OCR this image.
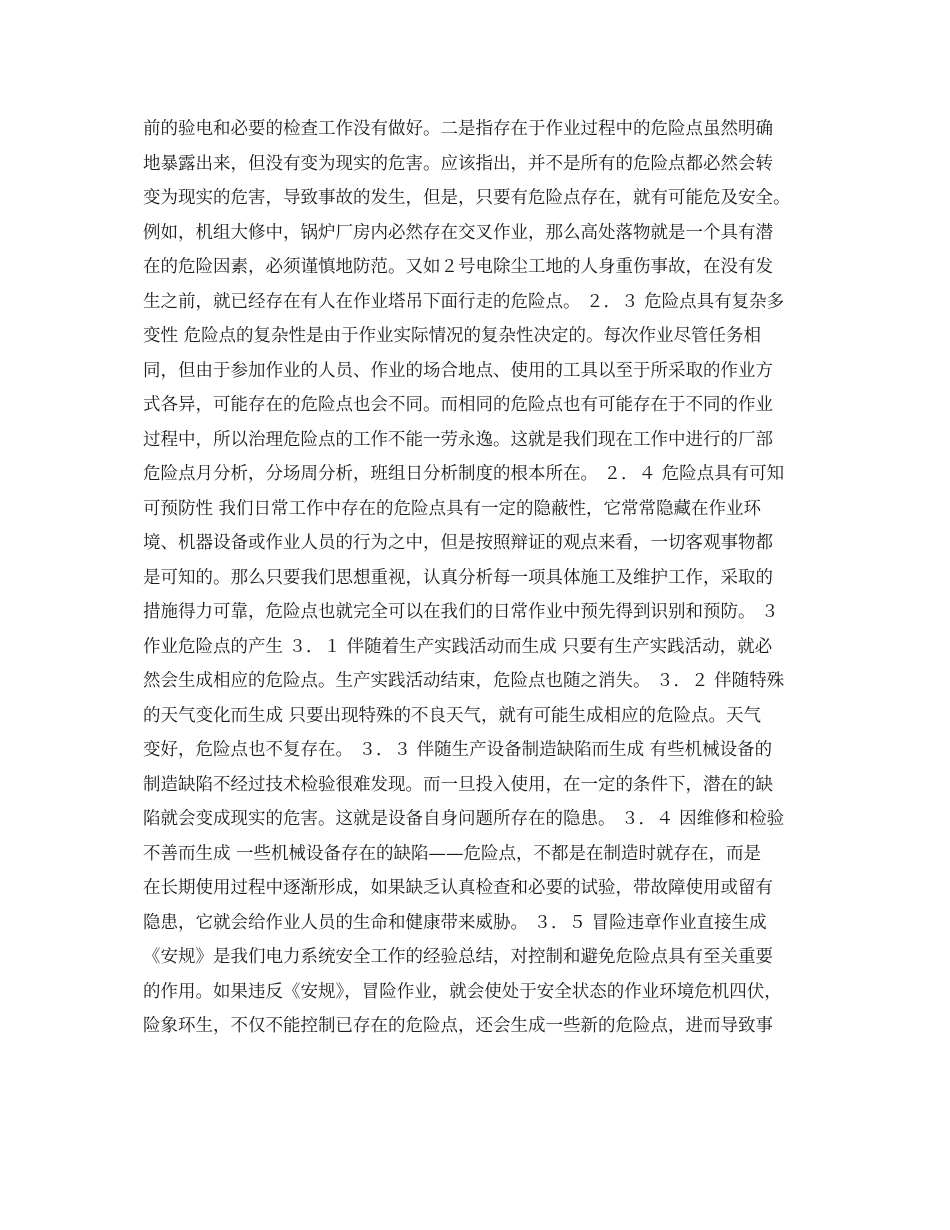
前的验电和必要的检查工作没有做好。二是指存在于作业过程中的危险点虽然明确
地暴露出来，但没有变为现实的危害。应该指出，并不是所有的危险点都必然会转
变为现实的危害，导致事故的发生，但是，只要有危险点存在，就有可能危及安全。
例如，机组大修中，锅炉厂房内必然存在交叉作业，那么高处落物就是一个具有潜
在的危险因素，必须谨慎地防范。又如２号电除尘工地的人身重伤事故，在没有发
生之前，就已经存在有人在作业塔吊下面行走的危险点。 ２．３ 危险点具有复杂多
变性 危险点的复杂性是由于作业实际情况的复杂性决定的。每次作业尽管任务相
同，但由于参加作业的人员、作业的场合地点、使用的工具以至于所采取的作业方
式各异，可能存在的危险点也会不同。而相同的危险点也有可能存在于不同的作业
过程中，所以治理危险点的工作不能一劳永逸。这就是我们现在工作中进行的厂部
危险点月分析，分场周分析，班组日分析制度的根本所在。 ２．４ 危险点具有可知
可预防性 我们日常工作中存在的危险点具有一定的隐蔽性，它常常隐藏在作业环
境、机器设备或作业人员的行为之中，但是按照辩证的观点来看，一切客观事物都
是可知的。那么只要我们思想重视，认真分析每一项具体施工及维护工作，采取的
措施得力可靠，危险点也就完全可以在我们的日常作业中预先得到识别和预防。 ３
作业危险点的产生 ３．１ 伴随着生产实践活动而生成 只要有生产实践活动，就必
然会生成相应的危险点。生产实践活动结束，危险点也随之消失。 ３．２ 伴随特殊
的天气变化而生成 只要出现特殊的不良天气，就有可能生成相应的危险点。天气
变好，危险点也不复存在。 ３．３ 伴随生产设备制造缺陷而生成 有些机械设备的
制造缺陷不经过技术检验很难发现。而一旦投入使用，在一定的条件下，潜在的缺
陷就会变成现实的危害。这就是设备自身问题所存在的隐患。 ３．４ 因维修和检验
不善而生成 一些机械设备存在的缺陷——危险点，不都是在制造时就存在，而是
在长期使用过程中逐渐形成，如果缺乏认真检查和必要的试验，带故障使用或留有
隐患，它就会给作业人员的生命和健康带来威胁。 ３．５ 冒险违章作业直接生成
《安规》是我们电力系统安全工作的经验总结，对控制和避免危险点具有至关重要
的作用。如果违反《安规》，冒险作业，就会使处于安全状态的作业环境危机四伏，
险象环生，不仅不能控制已存在的危险点，还会生成一些新的危险点，进而导致事
